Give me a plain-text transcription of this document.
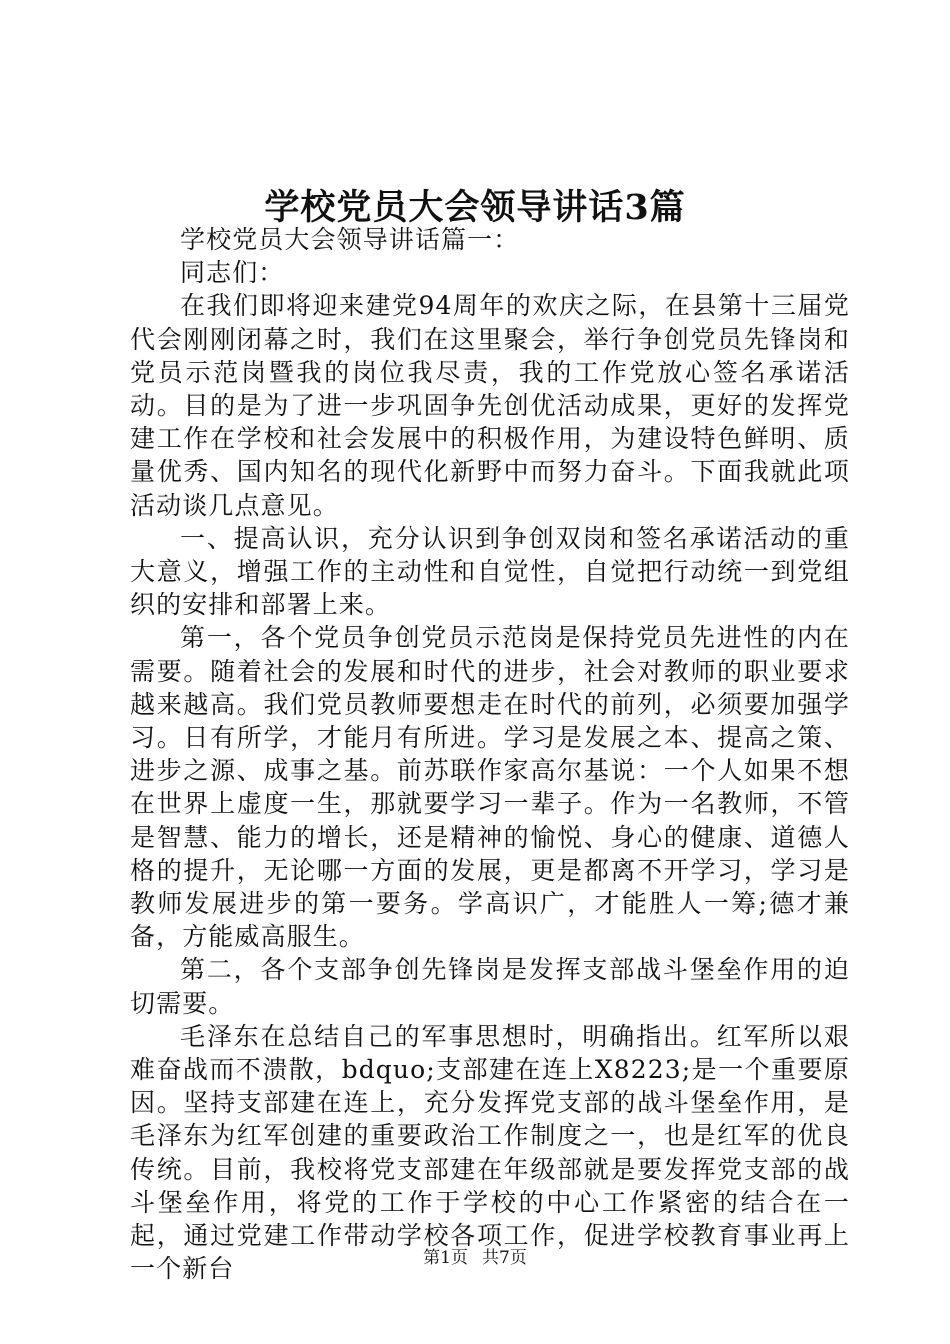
学校党员大会领导讲话3篇

学校党员大会领导讲话篇一：

同志们：

在我们即将迎来建党94周年的欢庆之际，在县第十三届党代会刚刚闭幕之时，我们在这里聚会，举行争创党员先锋岗和党员示范岗暨我的岗位我尽责，我的工作党放心签名承诺活动。目的是为了进一步巩固争先创优活动成果，更好的发挥党建工作在学校和社会发展中的积极作用，为建设特色鲜明、质量优秀、国内知名的现代化新野中而努力奋斗。下面我就此项活动谈几点意见。

一、提高认识，充分认识到争创双岗和签名承诺活动的重大意义，增强工作的主动性和自觉性，自觉把行动统一到党组织的安排和部署上来。

第一，各个党员争创党员示范岗是保持党员先进性的内在需要。随着社会的发展和时代的进步，社会对教师的职业要求越来越高。我们党员教师要想走在时代的前列，必须要加强学习。日有所学，才能月有所进。学习是发展之本、提高之策、进步之源、成事之基。前苏联作家高尔基说：一个人如果不想在世界上虚度一生，那就要学习一辈子。作为一名教师，不管是智慧、能力的增长，还是精神的愉悦、身心的健康、道德人格的提升，无论哪一方面的发展，更是都离不开学习，学习是教师发展进步的第一要务。学高识广，才能胜人一筹;德才兼备，方能威高服生。

第二，各个支部争创先锋岗是发挥支部战斗堡垒作用的迫切需要。

毛泽东在总结自己的军事思想时，明确指出。红军所以艰难奋战而不溃散，bdquo;支部建在连上X8223;是一个重要原因。坚持支部建在连上，充分发挥党支部的战斗堡垒作用，是毛泽东为红军创建的重要政治工作制度之一，也是红军的优良传统。目前，我校将党支部建在年级部就是要发挥党支部的战斗堡垒作用，将党的工作于学校的中心工作紧密的结合在一起，通过党建工作带动学校各项工作，促进学校教育事业再上一个新台	第1页 共7页
